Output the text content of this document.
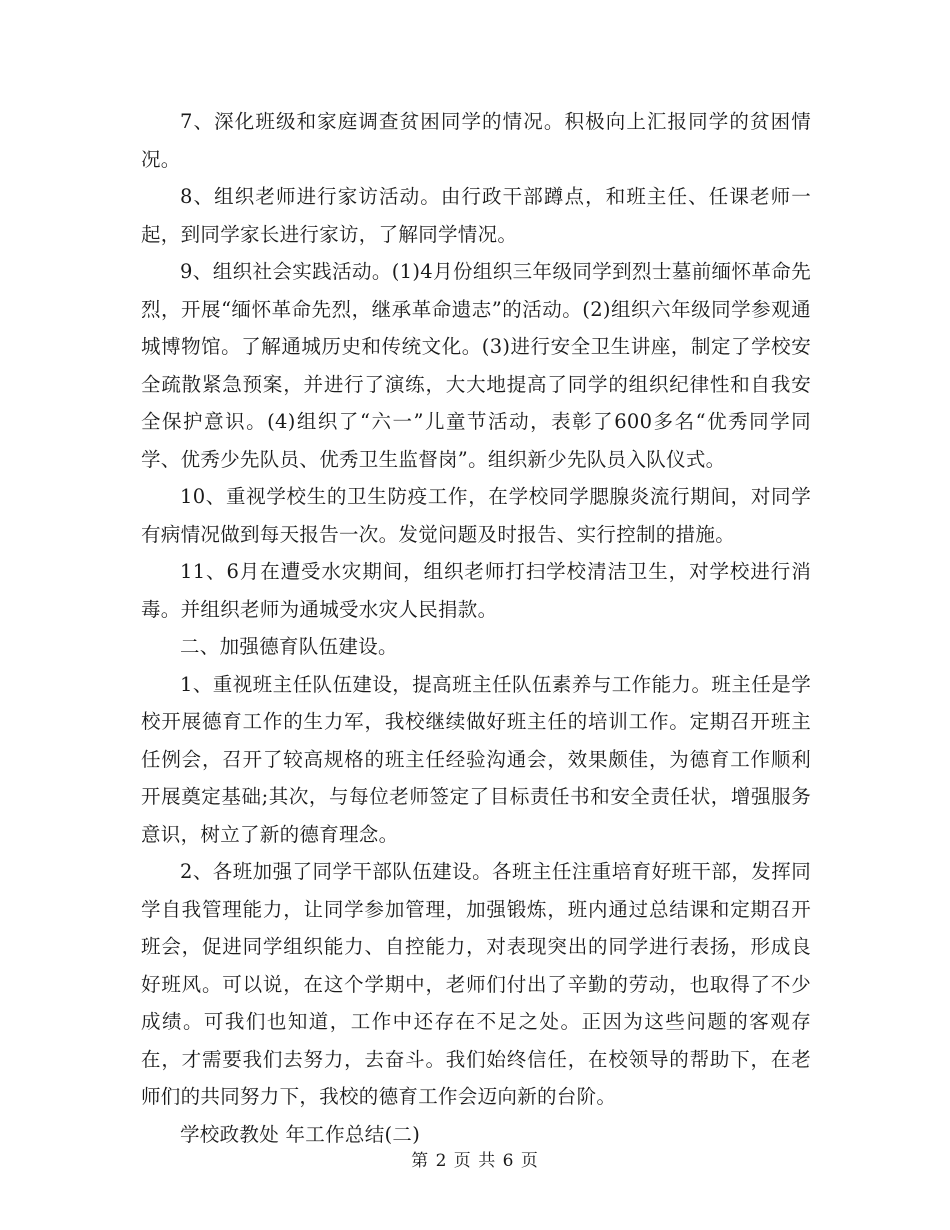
7、深化班级和家庭调查贫困同学的情况。积极向上汇报同学的贫困情况。

8、组织老师进行家访活动。由行政干部蹲点，和班主任、任课老师一起，到同学家长进行家访，了解同学情况。

9、组织社会实践活动。(1)4月份组织三年级同学到烈士墓前缅怀革命先烈，开展“缅怀革命先烈，继承革命遗志”的活动。(2)组织六年级同学参观通城博物馆。了解通城历史和传统文化。(3)进行安全卫生讲座，制定了学校安全疏散紧急预案，并进行了演练，大大地提高了同学的组织纪律性和自我安全保护意识。(4)组织了“六一”儿童节活动，表彰了600多名“优秀同学同学、优秀少先队员、优秀卫生监督岗”。组织新少先队员入队仪式。

10、重视学校生的卫生防疫工作，在学校同学腮腺炎流行期间，对同学有病情况做到每天报告一次。发觉问题及时报告、实行控制的措施。

11、6月在遭受水灾期间，组织老师打扫学校清洁卫生，对学校进行消毒。并组织老师为通城受水灾人民捐款。

二、加强德育队伍建设。

1、重视班主任队伍建设，提高班主任队伍素养与工作能力。班主任是学校开展德育工作的生力军，我校继续做好班主任的培训工作。定期召开班主任例会，召开了较高规格的班主任经验沟通会，效果颇佳，为德育工作顺利开展奠定基础;其次，与每位老师签定了目标责任书和安全责任状，增强服务意识，树立了新的德育理念。

2、各班加强了同学干部队伍建设。各班主任注重培育好班干部，发挥同学自我管理能力，让同学参加管理，加强锻炼，班内通过总结课和定期召开班会，促进同学组织能力、自控能力，对表现突出的同学进行表扬，形成良好班风。可以说，在这个学期中，老师们付出了辛勤的劳动，也取得了不少成绩。可我们也知道，工作中还存在不足之处。正因为这些问题的客观存在，才需要我们去努力，去奋斗。我们始终信任，在校领导的帮助下，在老师们的共同努力下，我校的德育工作会迈向新的台阶。

学校政教处 年工作总结(二)

第 2 页 共 6 页
